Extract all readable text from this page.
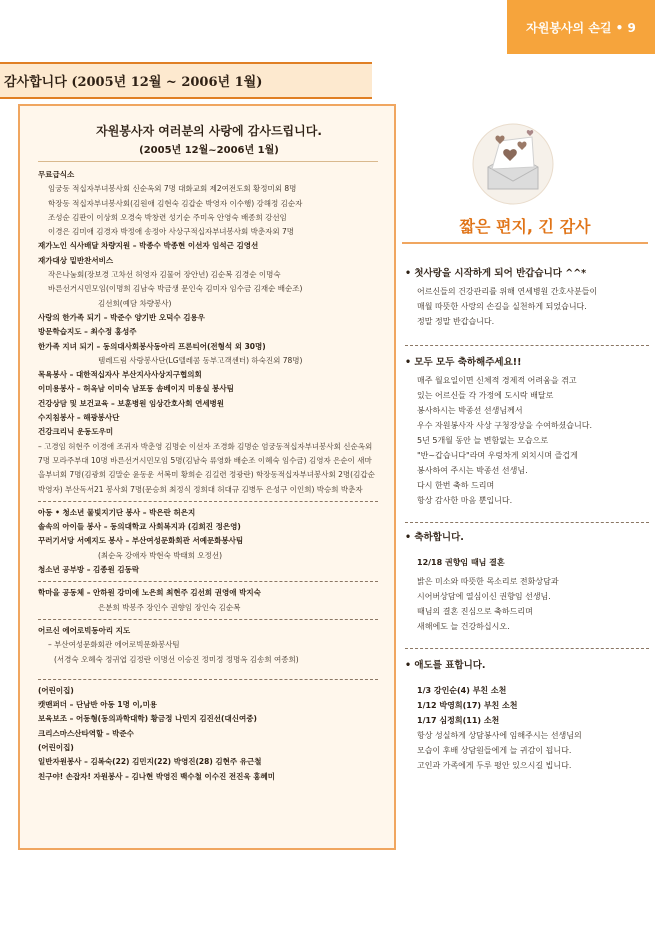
자원봉사의 손길 • 9
감사합니다 (2005년 12월 ~ 2006년 1월)
자원봉사자 여러분의 사랑에 감사드립니다.
(2005년 12월~2006년 1월)
무료급식소
임궁동 적십자부녀봉사회 신순옥외 7명 대화교회 제2여전도회 황정미외 8명
학장동 적십자부녀봉사회(김원애 김현숙 김갑순 박영자 이수행) 강해정 김순자
조성순 김판이 이상희 오경숙 박창련 성기순 주미옥 안영숙 배종희 강선임
이경은 김미애 김경자 박정애 송정아 사상구적십자부녀봉사회 박춘자외 7명
재가노인 식사배달 차량지원 – 박종수 박종현 이선자 임석근 김영선
재가대상 밑반찬서비스
작은나눔회(장보경 고차선 허영자 김물어 장안년) 김순복 김경순 이명숙
바른선거시민모임(이명희 김남숙 박금생 문인숙 김미자 임수금 김재순 배순조)
김선희(예담 차량봉사)
사랑의 한가족 되기 – 박준수 양기반 오덕수 김용우
방문학습지도 – 최수정 홍성주
한가족 지녀 되기 – 동의대사회봉사동아리 프론티어(전형석 외 30명)
템레드림 사랑봉사단(LG텔레콤 동부고객센터) 하숙진외 78명)
목욕봉사 – 대한적십자사 부산지사사상지구협의회
이미용봉사 – 허옥남 이미숙 남포동 솜베이지 미용실 봉사팀
건강상담 및 보건교육 – 보훈병원 임상간호사회 연세병원
수지침봉사 – 해광봉사단
건강크리닉 운동도우미
– 고경임 허현주 이경애 조귀자 박춘영 김명순 이선자 조경화 김명순 엄궁동적십자부녀봉사회 신순옥외 7명 모라주부대 10명 바른선거시민모임 5명(김남숙 류영화 배순조 이혜숙 임수금) 김영자 은순이 새마을부녀회 7명(김광희 김말순 윤동운 서복미 황희순 김길련 정광란) 학장동적십자부녀봉사회 2명(김갑순 박영자) 부산독서21 봉사회 7명(문승희 최정식 정희대 허대규 김병두 은성구 이인희) 박승희 박춘자
아동 • 청소년 물빛지기단 봉사 – 박은란 허은지
솔속의 아이들 봉사 – 동의대학교 사회복지과 (김희진 정은영)
꾸러기서당 서예지도 봉사 – 부산여성문화회관 서예문화봉사팀
(최순옥 강애자 박현숙 박태희 오정선)
청소년 공부방 – 김종원 김동락
학마을 공동체 – 안하원 강미애 노은희 최현주 김선희 권영애 박지숙
은분희 박봉주 장인수 권향임 장인숙 김순복
어르신 에어로빅동아리 지도
– 부산여성문화회관 에어로빅문화봉사팀
(서경숙 오혜숙 정귀엽 김정란 이명선 이승진 정미정 정명옥 김송희 여종희)
(어린이집)
캣맨퍼더 – 단남반 아동 1명 이,미용
보육보조 – 어동형(동의과학대학) 황금정 나민지 김진선(대신여중)
크리스마스산타역할 – 박준수
(어린이집)
일반자원봉사 – 김복숙(22) 김민지(22) 박영진(28) 김현주 유근철
친구야! 손잡자! 자원봉사 – 김나현 박영진 백수철 이수진 전진욱 홍혜미
짧은 편지, 긴 감사
• 첫사랑을 시작하게 되어 반갑습니다 ^^*
어르신들의 건강관리를 위해 연세병원 간호사분들이
매월 따뜻한 사랑의 손길을 실천하게 되었습니다.
정말 정말 반갑습니다.
• 모두 모두 축하해주세요!!
매주 월요일이면 신체적 경제적 어려움을 겪고
있는 어르신들 각 가정에 도시락 배달로
봉사하시는 박종선 선생님께서
우수 자원봉사자 사상 구청장상을 수여하셨습니다.
5년 5개월 동안 늘 변함없는 모습으로
"반~갑습니다"라며 우렁차게 외치시며 즐겁게
봉사하여 주시는 박종선 선생님.
다시 한번 축하 드리며
항상 감사한 마음 뿐입니다.
• 축하합니다.
12/18 권향임 때님 결혼
밝은 미소와 따뜻한 목소리로 전화상담과
시어버상담에 열심이신 권향임 선생님.
때님의 결혼 진심으로 축하드리며
새해에도 늘 건강하십시오.
• 애도를 표합니다.
1/3 강인순(4) 부친 소천
1/12 박영희(17) 부친 소천
1/17 심정희(11) 소천
항상 성실하게 상담봉사에 임해주시는 선생님의
모습이 후배 상담원들에게 늘 귀감이 됩니다.
고인과 가족에게 두루 평안 있으시길 빕니다.
